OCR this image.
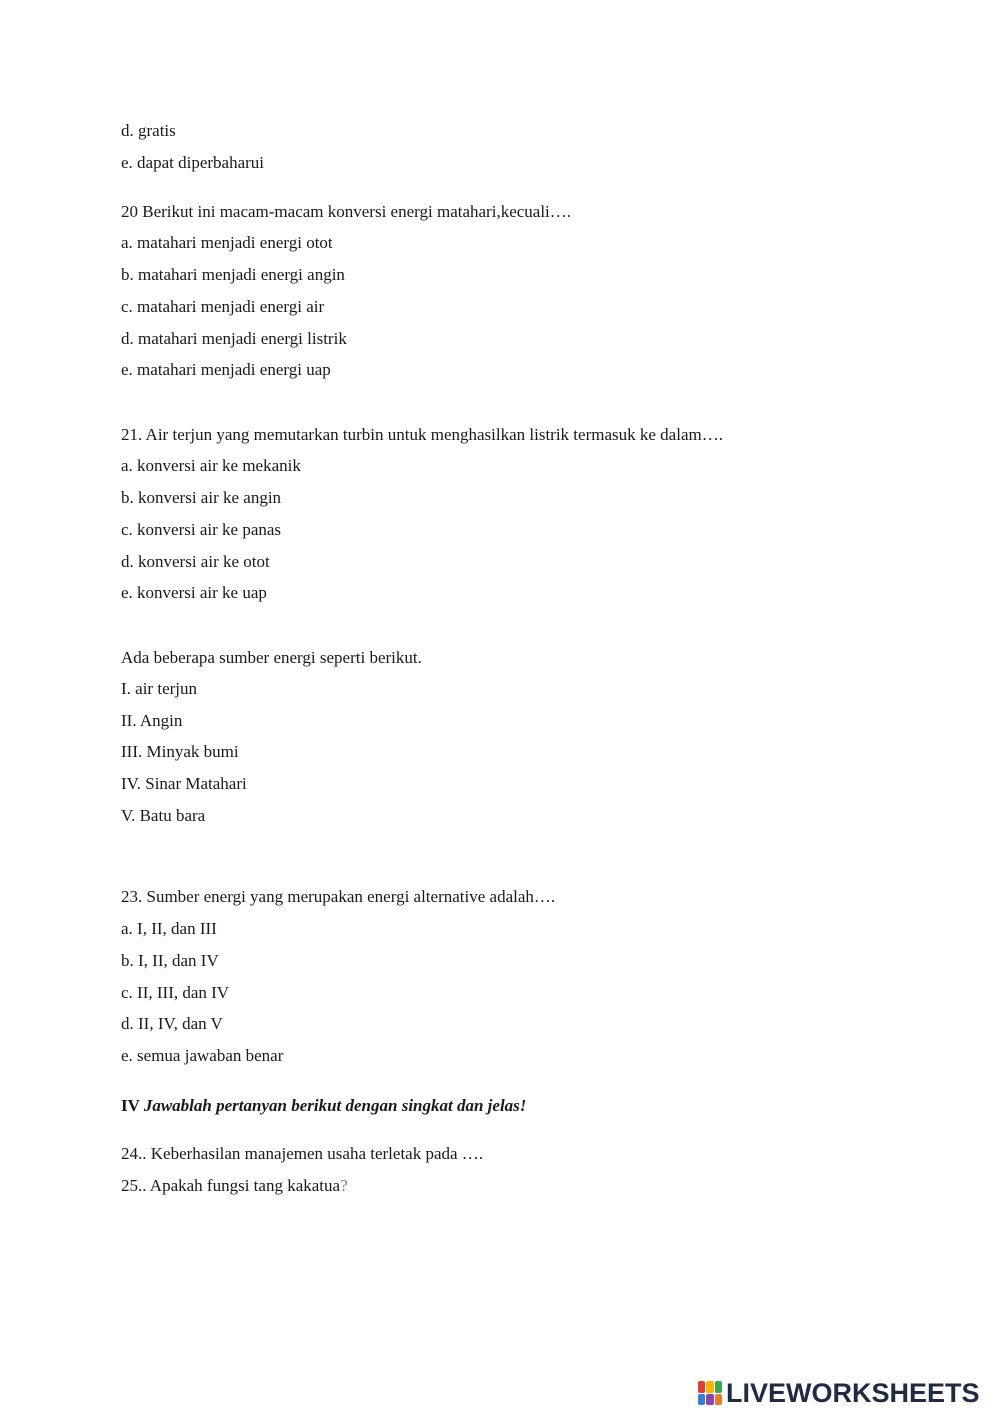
d. gratis
e. dapat diperbaharui
20 Berikut ini macam-macam konversi energi matahari,kecuali….
a. matahari menjadi energi otot
b. matahari menjadi energi angin
c. matahari menjadi energi air
d. matahari menjadi energi listrik
e. matahari menjadi energi uap
21. Air terjun yang memutarkan turbin untuk menghasilkan listrik termasuk ke dalam….
a. konversi air ke mekanik
b. konversi air ke angin
c. konversi air ke panas
d. konversi air ke otot
e. konversi air ke uap
Ada beberapa sumber energi seperti berikut.
I. air terjun
II. Angin
III. Minyak bumi
IV. Sinar Matahari
V. Batu bara
23. Sumber energi yang merupakan energi alternative adalah….
a. I, II, dan III
b. I, II, dan IV
c. II, III, dan IV
d. II, IV, dan V
e. semua jawaban benar
IV Jawablah pertanyan berikut dengan singkat dan jelas!
24.. Keberhasilan manajemen usaha terletak pada ….
25.. Apakah fungsi tang kakatua?
LIVEWORKSHEETS
